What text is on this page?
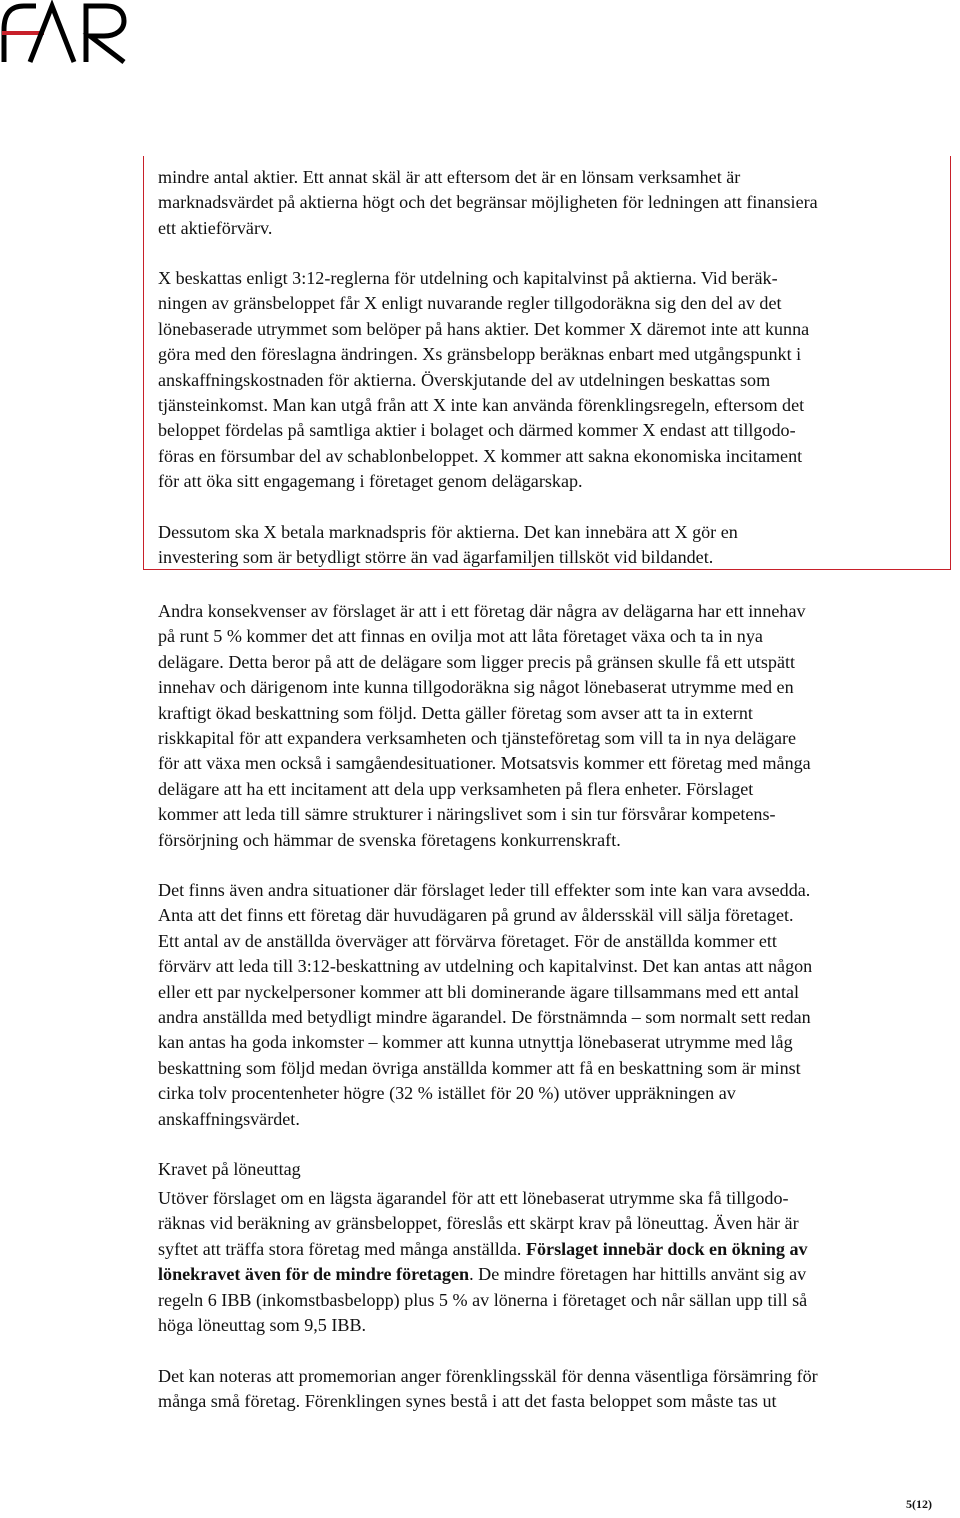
mindre antal aktier. Ett annat skäl är att eftersom det är en lönsam verksamhet är
marknadsvärdet på aktierna högt och det begränsar möjligheten för ledningen att finansiera
ett aktieförvärv.
X beskattas enligt 3:12-reglerna för utdelning och kapitalvinst på aktierna. Vid beräk-
ningen av gränsbeloppet får X enligt nuvarande regler tillgodoräkna sig den del av det
lönebaserade utrymmet som belöper på hans aktier. Det kommer X däremot inte att kunna
göra med den föreslagna ändringen. Xs gränsbelopp beräknas enbart med utgångspunkt i
anskaffningskostnaden för aktierna. Överskjutande del av utdelningen beskattas som
tjänsteinkomst. Man kan utgå från att X inte kan använda förenklingsregeln, eftersom det
beloppet fördelas på samtliga aktier i bolaget och därmed kommer X endast att tillgodo-
föras en försumbar del av schablonbeloppet. X kommer att sakna ekonomiska incitament
för att öka sitt engagemang i företaget genom delägarskap.
Dessutom ska X betala marknadspris för aktierna. Det kan innebära att X gör en
investering som är betydligt större än vad ägarfamiljen tillsköt vid bildandet.
Andra konsekvenser av förslaget är att i ett företag där några av delägarna har ett innehav
på runt 5 % kommer det att finnas en ovilja mot att låta företaget växa och ta in nya
delägare. Detta beror på att de delägare som ligger precis på gränsen skulle få ett utspätt
innehav och därigenom inte kunna tillgodoräkna sig något lönebaserat utrymme med en
kraftigt ökad beskattning som följd. Detta gäller företag som avser att ta in externt
riskkapital för att expandera verksamheten och tjänsteföretag som vill ta in nya delägare
för att växa men också i samgåendesituationer. Motsatsvis kommer ett företag med många
delägare att ha ett incitament att dela upp verksamheten på flera enheter. Förslaget
kommer att leda till sämre strukturer i näringslivet som i sin tur försvårar kompetens-
försörjning och hämmar de svenska företagens konkurrenskraft.
Det finns även andra situationer där förslaget leder till effekter som inte kan vara avsedda.
Anta att det finns ett företag där huvudägaren på grund av åldersskäl vill sälja företaget.
Ett antal av de anställda överväger att förvärva företaget. För de anställda kommer ett
förvärv att leda till 3:12-beskattning av utdelning och kapitalvinst. Det kan antas att någon
eller ett par nyckelpersoner kommer att bli dominerande ägare tillsammans med ett antal
andra anställda med betydligt mindre ägarandel. De förstnämnda – som normalt sett redan
kan antas ha goda inkomster – kommer att kunna utnyttja lönebaserat utrymme med låg
beskattning som följd medan övriga anställda kommer att få en beskattning som är minst
cirka tolv procentenheter högre (32 % istället för 20 %) utöver uppräkningen av
anskaffningsvärdet.
Kravet på löneuttag
Utöver förslaget om en lägsta ägarandel för att ett lönebaserat utrymme ska få tillgodo-
räknas vid beräkning av gränsbeloppet, föreslås ett skärpt krav på löneuttag. Även här är
syftet att träffa stora företag med många anställda. Förslaget innebär dock en ökning av
lönekravet även för de mindre företagen. De mindre företagen har hittills använt sig av
regeln 6 IBB (inkomstbasbelopp) plus 5 % av lönerna i företaget och når sällan upp till så
höga löneuttag som 9,5 IBB.
Det kan noteras att promemorian anger förenklingsskäl för denna väsentliga försämring för
många små företag. Förenklingen synes bestå i att det fasta beloppet som måste tas ut
5(12)
